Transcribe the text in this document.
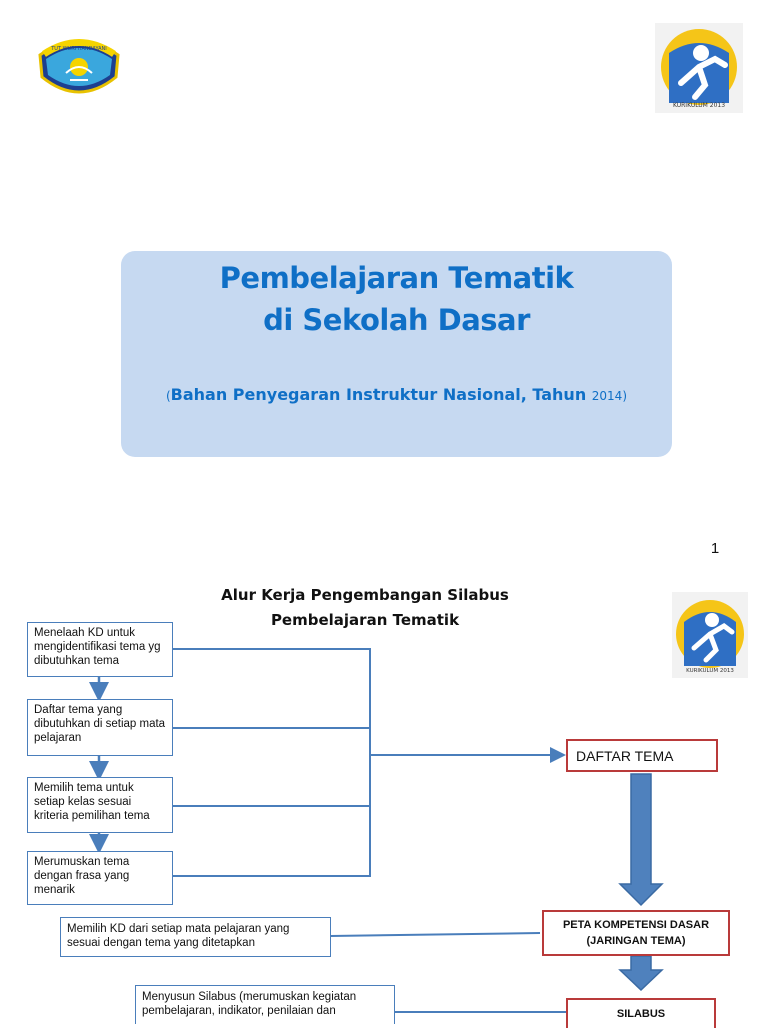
TUT WURI HANDAYANI
KURIKULUM 2013
Pembelajaran Tematik
di Sekolah Dasar
(Bahan Penyegaran Instruktur Nasional, Tahun 2014)
1
Alur Kerja Pengembangan Silabus
Pembelajaran Tematik
KURIKULUM 2013
Menelaah KD untuk mengidentifikasi tema yg dibutuhkan tema
Daftar tema yang dibutuhkan di setiap mata pelajaran
Memilih tema untuk setiap kelas sesuai kriteria pemilihan tema
Merumuskan tema dengan frasa yang menarik
Memilih KD dari setiap mata pelajaran yang sesuai dengan tema yang ditetapkan
Menyusun Silabus (merumuskan kegiatan pembelajaran, indikator, penilaian dan
DAFTAR TEMA
PETA KOMPETENSI DASAR
(JARINGAN TEMA)
SILABUS
